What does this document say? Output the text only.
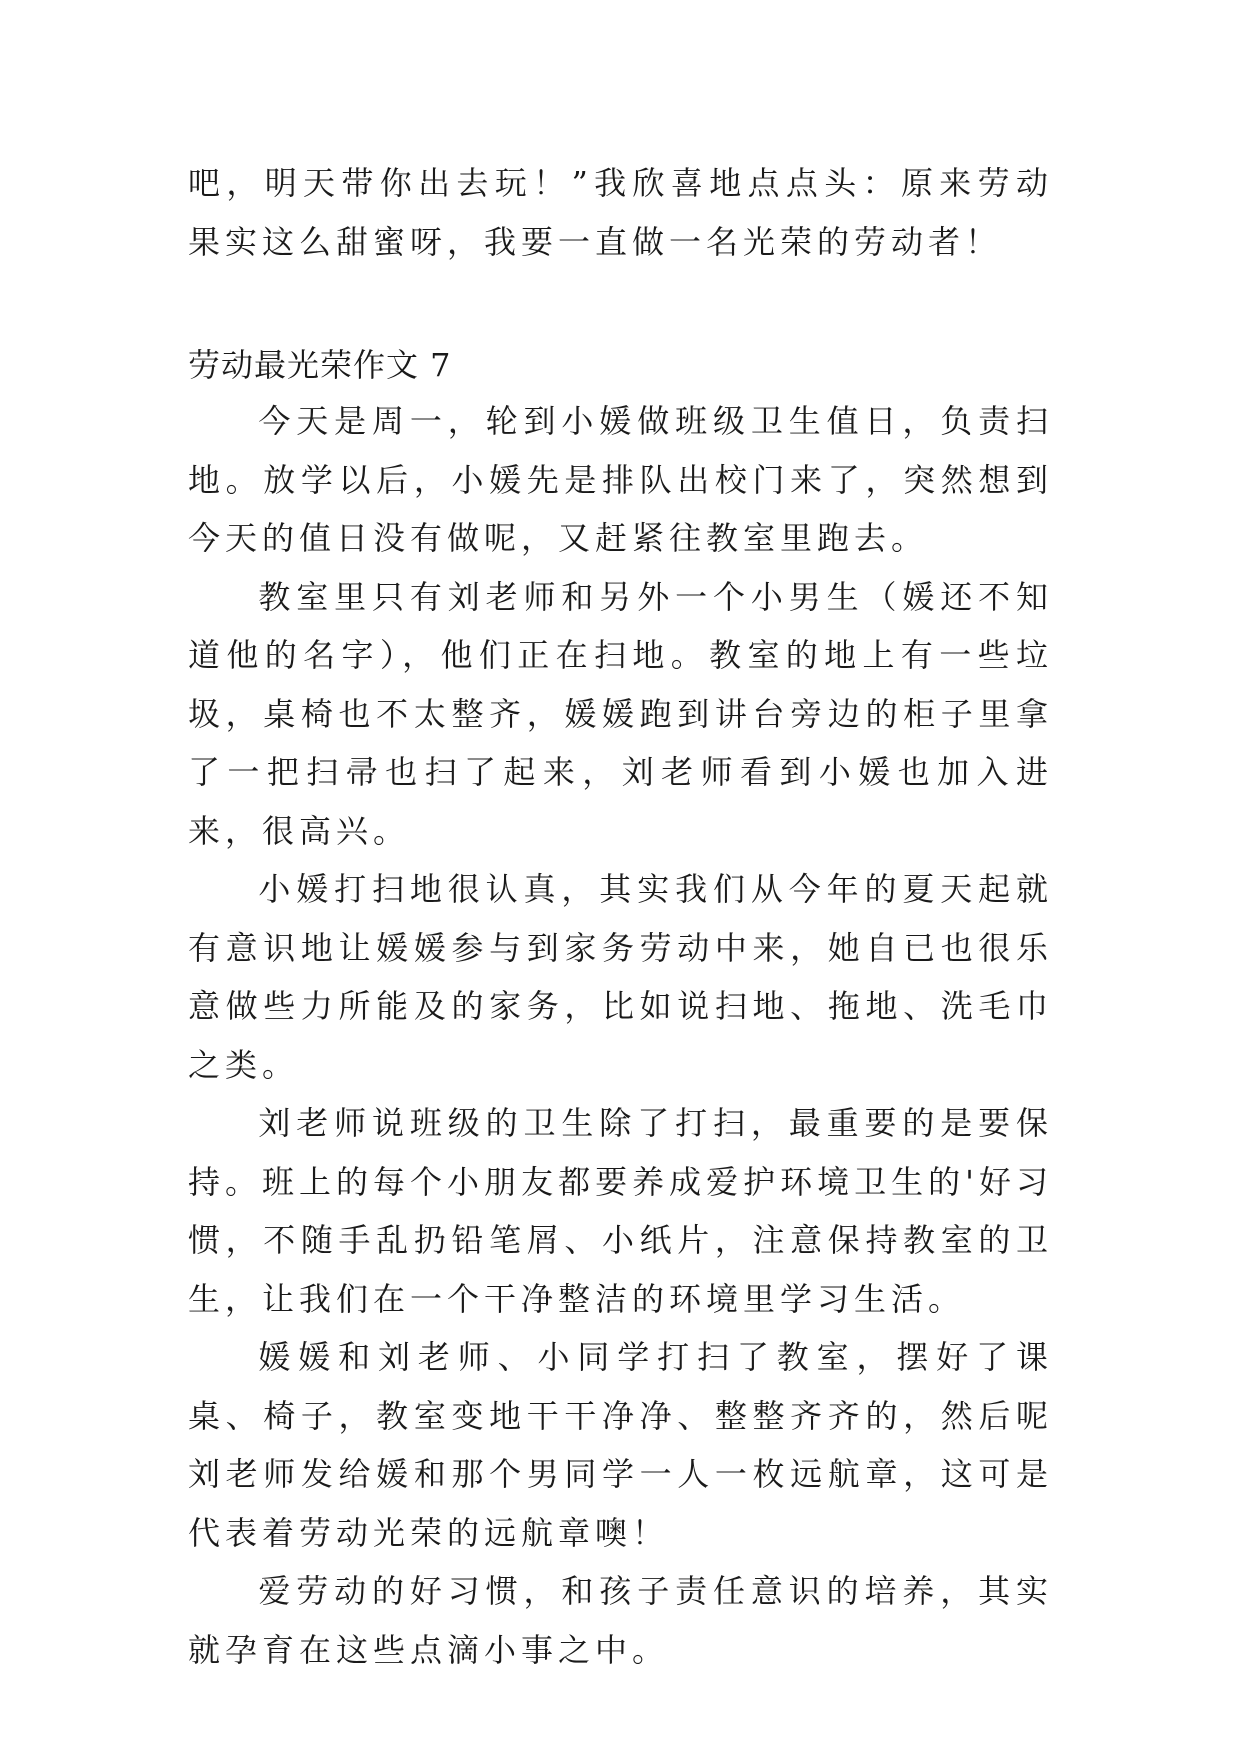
吧，明天带你出去玩！”我欣喜地点点头：原来劳动果实这么甜蜜呀，我要一直做一名光荣的劳动者！
劳动最光荣作文 7

今天是周一，轮到小媛做班级卫生值日，负责扫地。放学以后，小媛先是排队出校门来了，突然想到今天的值日没有做呢，又赶紧往教室里跑去。

教室里只有刘老师和另外一个小男生（媛还不知道他的名字），他们正在扫地。教室的地上有一些垃圾，桌椅也不太整齐，媛媛跑到讲台旁边的柜子里拿了一把扫帚也扫了起来，刘老师看到小媛也加入进来，很高兴。

小媛打扫地很认真，其实我们从今年的夏天起就有意识地让媛媛参与到家务劳动中来，她自已也很乐意做些力所能及的家务，比如说扫地、拖地、洗毛巾之类。

刘老师说班级的卫生除了打扫，最重要的是要保持。班上的每个小朋友都要养成爱护环境卫生的'好习惯，不随手乱扔铅笔屑、小纸片，注意保持教室的卫生，让我们在一个干净整洁的环境里学习生活。

媛媛和刘老师、小同学打扫了教室，摆好了课桌、椅子，教室变地干干净净、整整齐齐的，然后呢刘老师发给媛和那个男同学一人一枚远航章，这可是代表着劳动光荣的远航章噢！

爱劳动的好习惯，和孩子责任意识的培养，其实就孕育在这些点滴小事之中。
